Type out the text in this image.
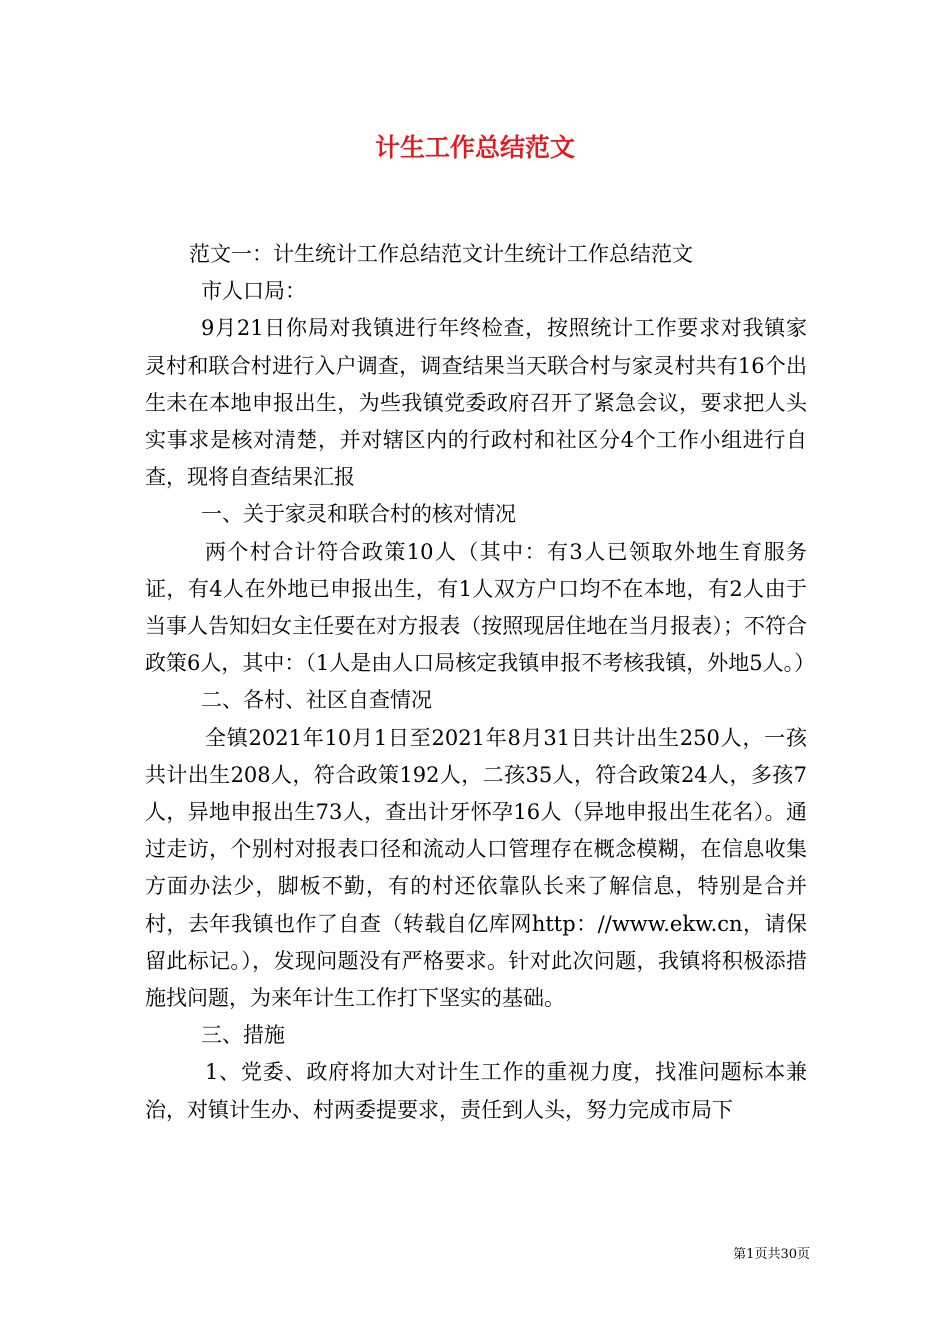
计生工作总结范文

范文一：计生统计工作总结范文计生统计工作总结范文

市人口局：

9月21日你局对我镇进行年终检查，按照统计工作要求对我镇家灵村和联合村进行入户调查，调查结果当天联合村与家灵村共有16个出生未在本地申报出生，为些我镇党委政府召开了紧急会议，要求把人头实事求是核对清楚，并对辖区内的行政村和社区分4个工作小组进行自查，现将自查结果汇报

一、关于家灵和联合村的核对情况

两个村合计符合政策10人（其中：有3人已领取外地生育服务证，有4人在外地已申报出生，有1人双方户口均不在本地，有2人由于当事人告知妇女主任要在对方报表（按照现居住地在当月报表）；不符合政策6人，其中：（1人是由人口局核定我镇申报不考核我镇，外地5人。）

二、各村、社区自查情况

全镇2021年10月1日至2021年8月31日共计出生250人，一孩共计出生208人，符合政策192人，二孩35人，符合政策24人，多孩7人，异地申报出生73人，查出计牙怀孕16人（异地申报出生花名）。通过走访，个别村对报表口径和流动人口管理存在概念模糊，在信息收集方面办法少，脚板不勤，有的村还依靠队长来了解信息，特别是合并村，去年我镇也作了自查（转载自亿库网http：//www.ekw.cn，请保留此标记。），发现问题没有严格要求。针对此次问题，我镇将积极添措施找问题，为来年计生工作打下坚实的基础。

三、措施

1、党委、政府将加大对计生工作的重视力度，找准问题标本兼治，对镇计生办、村两委提要求，责任到人头，努力完成市局下

第1页共30页
